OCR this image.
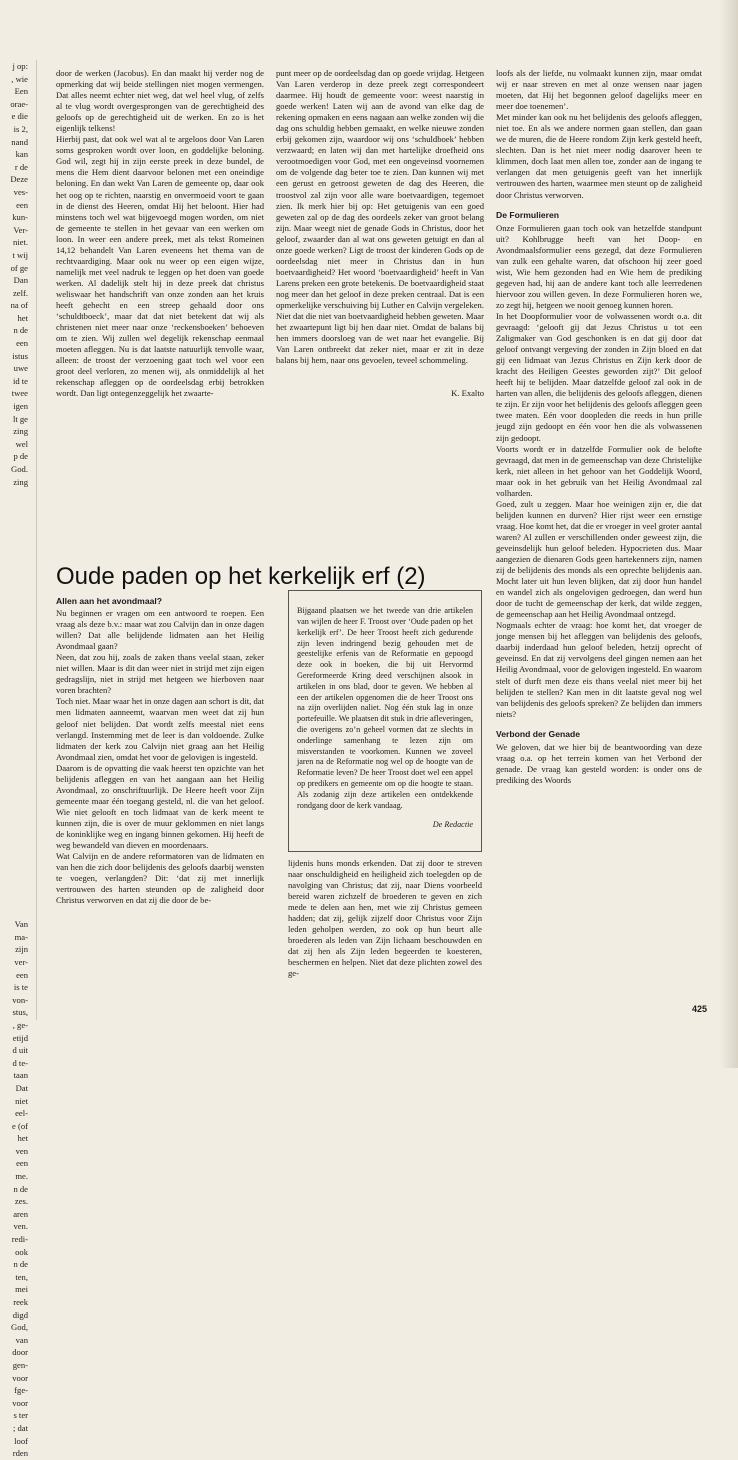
j op:
, wie
Een
orae-
e die
is 2,
nand
kan
r de
Deze
ves-
een
kun-
Ver-
niet.
t wij
of ge
Dan
zelf.
na of
het
n de
een
istus
uwe
id te
twee
igen
lt ge
zing
wel
p de
God.
zing
Van
ma-
zijn
ver-
een
is te
von-
stus,
, ge-
etijd
d uit
d te-
taan
Dat
niet
eel-
e (of
het
ven
een
me.
n de
zes.
aren
ven.
redi-
ook
n de
ten,
mei
reek
digd
God,
van
door
gen-
voor
fge-
voor
s ter
; dat
loof
rden

door de werken (Jacobus). En dan maakt hij verder nog de opmerking dat wij beide stellingen niet mogen vermengen. Dat alles neemt echter niet weg, dat wel heel vlug, of zelfs al te vlug wordt overgesprongen van de gerechtigheid des geloofs op de gerechtigheid uit de werken. En zo is het eigenlijk telkens!

Hierbij past, dat ook wel wat al te argeloos door Van Laren soms gesproken wordt over loon, en goddelijke beloning. God wil, zegt hij in zijn eerste preek in deze bundel, de mens die Hem dient daarvoor belonen met een oneindige beloning. En dan wekt Van Laren de gemeente op, daar ook het oog op te richten, naarstig en onvermoeid voort te gaan in de dienst des Heeren, omdat Hij het beloont. Hier had minstens toch wel wat bijgevoegd mogen worden, om niet de gemeente te stellen in het gevaar van een werken om loon. In weer een andere preek, met als tekst Romeinen 14,12 behandelt Van Laren eveneens het thema van de rechtvaardiging. Maar ook nu weer op een eigen wijze, namelijk met veel nadruk te leggen op het doen van goede werken. Al dadelijk stelt hij in deze preek dat christus weliswaar het handschrift van onze zonden aan het kruis heeft gehecht en een streep gehaald door ons ‘schuldtboeck’, maar dat dat niet betekent dat wij als christenen niet meer naar onze ‘reckensboeken’ behoeven om te zien. Wij zullen wel degelijk rekenschap eenmaal moeten afleggen. Nu is dat laatste natuurlijk tenvolle waar, alleen: de troost der verzoening gaat toch wel voor een groot deel verloren, zo menen wij, als onmiddelijk al het rekenschap afleggen op de oordeelsdag erbij betrokken wordt. Dan ligt ontegenzeggelijk het zwaarte-

punt meer op de oordeelsdag dan op goede vrijdag. Hetgeen Van Laren verderop in deze preek zegt correspondeert daarmee. Hij houdt de gemeente voor: weest naarstig in goede werken! Laten wij aan de avond van elke dag de rekening opmaken en eens nagaan aan welke zonden wij die dag ons schuldig hebben gemaakt, en welke nieuwe zonden erbij gekomen zijn, waardoor wij ons ‘schuldboek’ hebben verzwaard; en laten wij dan met hartelijke droefheid ons verootmoedigen voor God, met een ongeveinsd voornemen om de volgende dag beter toe te zien. Dan kunnen wij met een gerust en getroost geweten de dag des Heeren, die troostvol zal zijn voor alle ware boetvaardigen, tegemoet zien. Ik merk hier bij op: Het getuigenis van een goed geweten zal op de dag des oordeels zeker van groot belang zijn. Maar weegt niet de genade Gods in Christus, door het geloof, zwaarder dan al wat ons geweten getuigt en dan al onze goede werken? Ligt de troost der kinderen Gods op de oordeelsdag niet meer in Christus dan in hun boetvaardigheid? Het woord ‘boetvaardigheid’ heeft in Van Larens preken een grote betekenis. De boetvaardigheid staat nog meer dan het geloof in deze preken centraal. Dat is een opmerkelijke verschuiving bij Luther en Calvijn vergeleken. Niet dat die niet van boetvaardigheid hebben geweten. Maar het zwaartepunt ligt bij hen daar niet. Omdat de balans bij hen immers doorsloeg van de wet naar het evangelie. Bij Van Laren ontbreekt dat zeker niet, maar er zit in deze balans bij hem, naar ons gevoelen, teveel schommeling.

K. Exalto
Oude paden op het kerkelijk erf (2)
Allen aan het avondmaal?

Nu beginnen er vragen om een antwoord te roepen. Een vraag als deze b.v.: maar wat zou Calvijn dan in onze dagen willen? Dat alle belijdende lidmaten aan het Heilig Avondmaal gaan?

Neen, dat zou hij, zoals de zaken thans veelal staan, zeker niet willen. Maar is dit dan weer niet in strijd met zijn eigen gedragslijn, niet in strijd met hetgeen we hierboven naar voren brachten?

Toch niet. Maar waar het in onze dagen aan schort is dit, dat men lidmaten aanneemt, waarvan men weet dat zij hun geloof niet belijden. Dat wordt zelfs meestal niet eens verlangd. Instemming met de leer is dan voldoende. Zulke lidmaten der kerk zou Calvijn niet graag aan het Heilig Avondmaal zien, omdat het voor de gelovigen is ingesteld.

Daarom is de opvatting die vaak heerst ten opzichte van het belijdenis afleggen en van het aangaan aan het Heilig Avondmaal, zo onschriftuurlijk. De Heere heeft voor Zijn gemeente maar één toegang gesteld, nl. die van het geloof. Wie niet gelooft en toch lidmaat van de kerk meent te kunnen zijn, die is over de muur geklommen en niet langs de koninklijke weg en ingang binnen gekomen. Hij heeft de weg bewandeld van dieven en moordenaars.

Wat Calvijn en de andere reformatoren van de lidmaten en van hen die zich door belijdenis des geloofs daarbij wensten te voegen, verlangden? Dit: ‘dat zij met innerlijk vertrouwen des harten steunden op de zaligheid door Christus verworven en dat zij die door de be-

Bijgaand plaatsen we het tweede van drie artikelen van wijlen de heer F. Troost over ‘Oude paden op het kerkelijk erf’. De heer Troost heeft zich gedurende zijn leven indringend bezig gehouden met de geestelijke erfenis van de Reformatie en gepoogd deze ook in boeken, die bij uit Hervormd Gereformeerde Kring deed verschijnen alsook in artikelen in ons blad, door te geven. We hebben al een der artikelen opgenomen die de heer Troost ons na zijn overlijden naliet. Nog één stuk lag in onze portefeuille. We plaatsen dit stuk in drie afleveringen, die overigens zo’n geheel vormen dat ze slechts in onderlinge samenhang te lezen zijn om misverstanden te voorkomen. Kunnen we zoveel jaren na de Reformatie nog wel op de hoogte van de Reformatie leven? De heer Troost doet wel een appel op predikers en gemeente om op die hoogte te staan. Als zodanig zijn deze artikelen een ontdekkende rondgang door de kerk vandaag.

De Redactie

lijdenis huns monds erkenden. Dat zij door te streven naar onschuldigheid en heiligheid zich toelegden op de navolging van Christus; dat zij, naar Diens voorbeeld bereid waren zichzelf de broederen te geven en zich mede te delen aan hen, met wie zij Christus gemeen hadden; dat zij, gelijk zijzelf door Christus voor Zijn leden geholpen werden, zo ook op hun beurt alle broederen als leden van Zijn lichaam beschouwden en dat zij hen als Zijn leden begeerden te koesteren, beschermen en helpen. Niet dat deze plichten zowel des ge-

loofs als der liefde, nu volmaakt kunnen zijn, maar omdat wij er naar streven en met al onze wensen naar jagen moeten, dat Hij het begonnen geloof dagelijks meer en meer doe toenemen’.

Met minder kan ook nu het belijdenis des geloofs afleggen, niet toe. En als we andere normen gaan stellen, dan gaan we de muren, die de Heere rondom Zijn kerk gesteld heeft, slechten. Dan is het niet meer nodig daarover heen te klimmen, doch laat men allen toe, zonder aan de ingang te verlangen dat men getuigenis geeft van het innerlijk vertrouwen des harten, waarmee men steunt op de zaligheid door Christus verworven.

De Formulieren

Onze Formulieren gaan toch ook van hetzelfde standpunt uit? Kohlbrugge heeft van het Doop- en Avondmaalsformulier eens gezegd, dat deze Formulieren van zulk een gehalte waren, dat ofschoon hij zeer goed wist, Wie hem gezonden had en Wie hem de prediking gegeven had, hij aan de andere kant toch alle leerredenen hiervoor zou willen geven. In deze Formulieren horen we, zo zegt hij, hetgeen we nooit genoeg kunnen horen.

In het Doopformulier voor de volwassenen wordt o.a. dit gevraagd: ‘gelooft gij dat Jezus Christus u tot een Zaligmaker van God geschonken is en dat gij door dat geloof ontvangt vergeving der zonden in Zijn bloed en dat gij een lidmaat van Jezus Christus en Zijn kerk door de kracht des Heiligen Geestes geworden zijt?’ Dit geloof heeft hij te belijden. Maar datzelfde geloof zal ook in de harten van allen, die belijdenis des geloofs afleggen, dienen te zijn. Er zijn voor het belijdenis des geloofs afleggen geen twee maten. Eén voor doopleden die reeds in hun prille jeugd zijn gedoopt en één voor hen die als volwassenen zijn gedoopt.

Voorts wordt er in datzelfde Formulier ook de belofte gevraagd, dat men in de gemeenschap van deze Christelijke kerk, niet alleen in het gehoor van het Goddelijk Woord, maar ook in het gebruik van het Heilig Avondmaal zal volharden.

Goed, zult u zeggen. Maar hoe weinigen zijn er, die dat belijden kunnen en durven? Hier rijst weer een ernstige vraag. Hoe komt het, dat die er vroeger in veel groter aantal waren? Al zullen er verschillenden onder geweest zijn, die geveinsdelijk hun geloof beleden. Hypocrieten dus. Maar aangezien de dienaren Gods geen hartekenners zijn, namen zij de belijdenis des monds als een oprechte belijdenis aan. Mocht later uit hun leven blijken, dat zij door hun handel en wandel zich als ongelovigen gedroegen, dan werd hun door de tucht de gemeenschap der kerk, dat wilde zeggen, de gemeenschap aan het Heilig Avondmaal ontzegd.

Nogmaals echter de vraag: hoe komt het, dat vroeger de jonge mensen bij het afleggen van belijdenis des geloofs, daarbij inderdaad hun geloof beleden, hetzij oprecht of geveinsd. En dat zij vervolgens deel gingen nemen aan het Heilig Avondmaal, voor de gelovigen ingesteld. En waarom stelt of durft men deze eis thans veelal niet meer bij het belijden te stellen? Kan men in dit laatste geval nog wel van belijdenis des geloofs spreken? Ze belijden dan immers niets?

Verbond der Genade

We geloven, dat we hier bij de beantwoording van deze vraag o.a. op het terrein komen van het Verbond der genade. De vraag kan gesteld worden: is onder ons de prediking des Woords

425
